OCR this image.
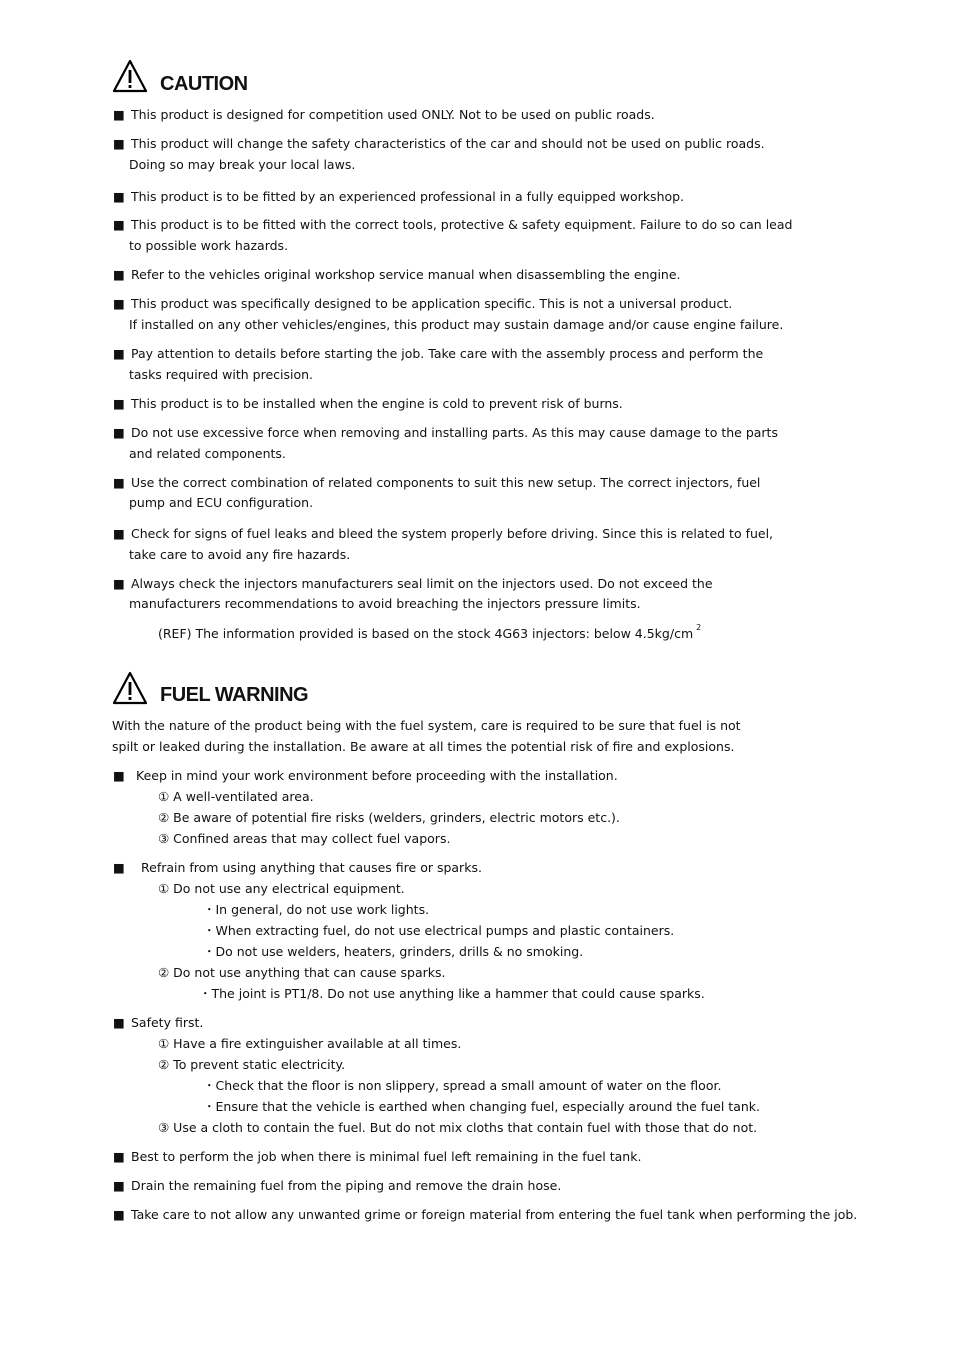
CAUTION
■ This product is designed for competition used ONLY. Not to be used on public roads.
■ This product will change the safety characteristics of the car and should not be used on public roads.
Doing so may break your local laws.
■ This product is to be fitted by an experienced professional in a fully equipped workshop.
■ This product is to be fitted with the correct tools, protective & safety equipment. Failure to do so can lead
to possible work hazards.
■ Refer to the vehicles original workshop service manual when disassembling the engine.
■ This product was specifically designed to be application specific. This is not a universal product.
If installed on any other vehicles/engines, this product may sustain damage and/or cause engine failure.
■ Pay attention to details before starting the job. Take care with the assembly process and perform the
tasks required with precision.
■ This product is to be installed when the engine is cold to prevent risk of burns.
■ Do not use excessive force when removing and installing parts. As this may cause damage to the parts
and related components.
■ Use the correct combination of related components to suit this new setup. The correct injectors, fuel
pump and ECU configuration.
■ Check for signs of fuel leaks and bleed the system properly before driving. Since this is related to fuel,
take care to avoid any fire hazards.
■ Always check the injectors manufacturers seal limit on the injectors used. Do not exceed the
manufacturers recommendations to avoid breaching the injectors pressure limits.
(REF) The information provided is based on the stock 4G63 injectors: below 4.5kg/cm $^2$
FUEL WARNING
With the nature of the product being with the fuel system, care is required to be sure that fuel is not
spilt or leaked during the installation. Be aware at all times the potential risk of fire and explosions.
■ Keep in mind your work environment before proceeding with the installation.
① A well-ventilated area.
② Be aware of potential fire risks (welders, grinders, electric motors etc.).
③ Confined areas that may collect fuel vapors.
■ Refrain from using anything that causes fire or sparks.
① Do not use any electrical equipment.
・In general, do not use work lights.
・When extracting fuel, do not use electrical pumps and plastic containers.
・Do not use welders, heaters, grinders, drills & no smoking.
② Do not use anything that can cause sparks.
・The joint is PT1/8. Do not use anything like a hammer that could cause sparks.
■ Safety first.
① Have a fire extinguisher available at all times.
② To prevent static electricity.
・Check that the floor is non slippery, spread a small amount of water on the floor.
・Ensure that the vehicle is earthed when changing fuel, especially around the fuel tank.
③ Use a cloth to contain the fuel. But do not mix cloths that contain fuel with those that do not.
■ Best to perform the job when there is minimal fuel left remaining in the fuel tank.
■ Drain the remaining fuel from the piping and remove the drain hose.
■ Take care to not allow any unwanted grime or foreign material from entering the fuel tank when performing the job.
